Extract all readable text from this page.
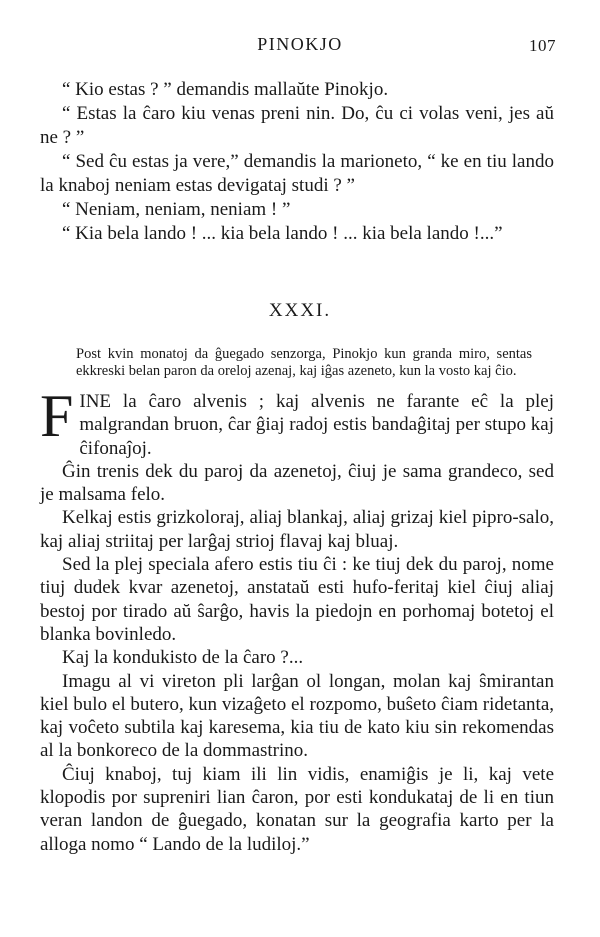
PINOKJO	107

“ Kio estas ? ” demandis mallaŭte Pinokjo.

“ Estas la ĉaro kiu venas preni nin. Do, ĉu ci volas veni, jes aŭ ne ? ”

“ Sed ĉu estas ja vere,” demandis la marioneto, “ ke en tiu lando la knaboj neniam estas devigataj studi ? ”

“ Neniam, neniam, neniam ! ”

“ Kia bela lando ! ... kia bela lando ! ... kia bela lando !...”

XXXI.
Post kvin monatoj da ĝuegado senzorga, Pinokjo kun granda miro, sentas ekkreski belan paron da oreloj azenaj, kaj iĝas azeneto, kun la vosto kaj ĉio.

FINE la ĉaro alvenis ; kaj alvenis ne farante eĉ la plej malgrandan bruon, ĉar ĝiaj radoj estis bandaĝitaj per stupo kaj ĉifonaĵoj.

Ĝin trenis dek du paroj da azenetoj, ĉiuj je sama grandeco, sed je malsama felo.

Kelkaj estis grizkoloraj, aliaj blankaj, aliaj grizaj kiel pipro-salo, kaj aliaj striitaj per larĝaj strioj flavaj kaj bluaj.

Sed la plej speciala afero estis tiu ĉi : ke tiuj dek du paroj, nome tiuj dudek kvar azenetoj, anstataŭ esti hufo-feritaj kiel ĉiuj aliaj bestoj por tirado aŭ ŝarĝo, havis la piedojn en porhomaj botetoj el blanka bovinledo.

Kaj la kondukisto de la ĉaro ?...

Imagu al vi vireton pli larĝan ol longan, molan kaj ŝmirantan kiel bulo el butero, kun vizaĝeto el rozpomo, buŝeto ĉiam ridetanta, kaj voĉeto subtila kaj karesema, kia tiu de kato kiu sin rekomendas al la bonkoreco de la dommastrino.

Ĉiuj knaboj, tuj kiam ili lin vidis, enamiĝis je li, kaj vete klopodis por supreniri lian ĉaron, por esti kondukataj de li en tiun veran landon de ĝuegado, konatan sur la geografia karto per la alloga nomo “ Lando de la ludiloj.”
